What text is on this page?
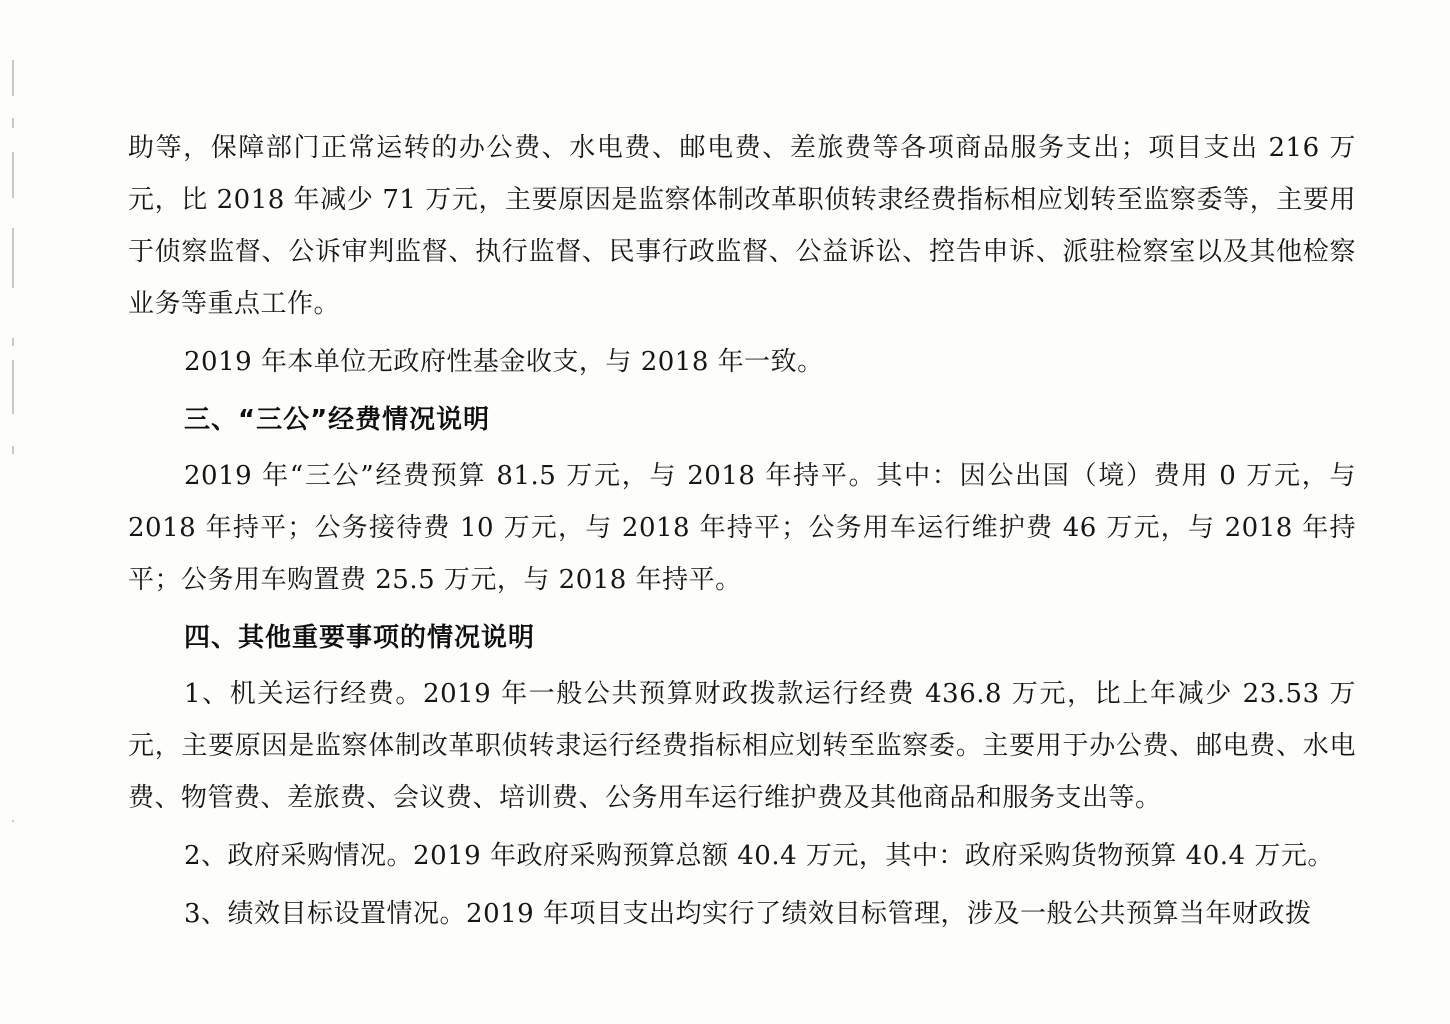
助等，保障部门正常运转的办公费、水电费、邮电费、差旅费等各项商品服务支出；项目支出 216 万元，比 2018 年减少 71 万元，主要原因是监察体制改革职侦转隶经费指标相应划转至监察委等，主要用于侦察监督、公诉审判监督、执行监督、民事行政监督、公益诉讼、控告申诉、派驻检察室以及其他检察业务等重点工作。

2019 年本单位无政府性基金收支，与 2018 年一致。

三、“三公”经费情况说明

2019 年“三公”经费预算 81.5 万元，与 2018 年持平。其中：因公出国（境）费用 0 万元，与 2018 年持平；公务接待费 10 万元，与 2018 年持平；公务用车运行维护费 46 万元，与 2018 年持平；公务用车购置费 25.5 万元，与 2018 年持平。

四、其他重要事项的情况说明

1、机关运行经费。2019 年一般公共预算财政拨款运行经费 436.8 万元，比上年减少 23.53 万元，主要原因是监察体制改革职侦转隶运行经费指标相应划转至监察委。主要用于办公费、邮电费、水电费、物管费、差旅费、会议费、培训费、公务用车运行维护费及其他商品和服务支出等。

2、政府采购情况。2019 年政府采购预算总额 40.4 万元，其中：政府采购货物预算 40.4 万元。

3、绩效目标设置情况。2019 年项目支出均实行了绩效目标管理，涉及一般公共预算当年财政拨
